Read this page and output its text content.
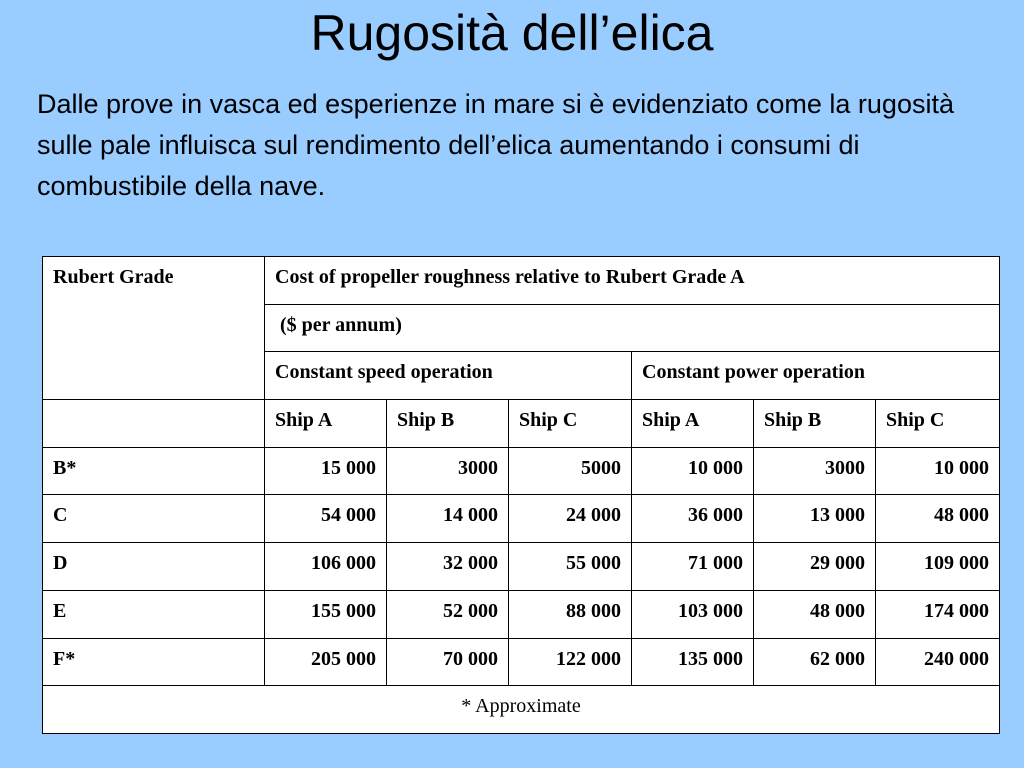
Rugosità dell’elica
Dalle prove in vasca ed esperienze in mare si è evidenziato come la rugosità sulle pale influisca sul rendimento dell’elica aumentando i consumi di combustibile della nave.
Rubert Grade	Cost of propeller roughness relative to Rubert Grade A					
	($ per annum)					
	Constant speed operation			Constant power operation		
	Ship A	Ship B	Ship C	Ship A	Ship B	Ship C
B*	15 000	3000	5000	10 000	3000	10 000
C	54 000	14 000	24 000	36 000	13 000	48 000
D	106 000	32 000	55 000	71 000	29 000	109 000
E	155 000	52 000	88 000	103 000	48 000	174 000
F*	205 000	70 000	122 000	135 000	62 000	240 000
* Approximate						
